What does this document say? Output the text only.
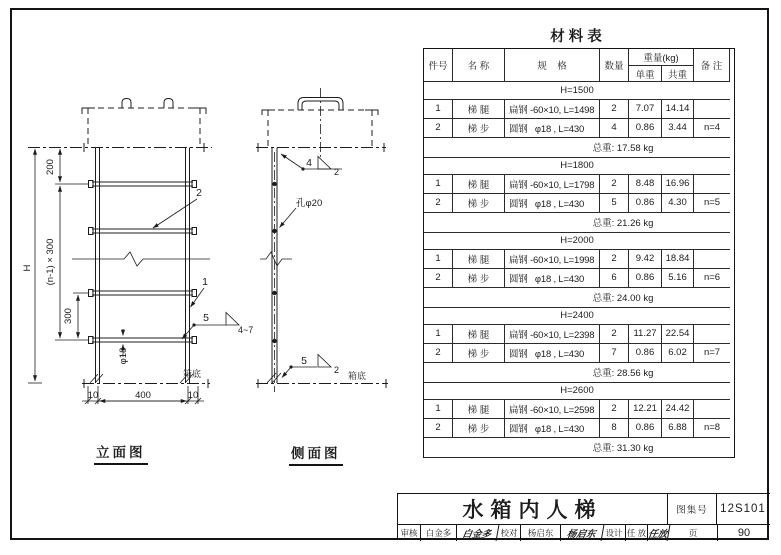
H
200
(n-1) × 300
300
φ18
10	400	10
箱底
2
1
5
4~7
4
2
孔φ20
5
2
箱底
立面图	侧面图
材料表
件号	名 称	规    格	数量
重量(kg)
备 注
单重	共重
H=1500
1	梯 腿	扁钢 -60×10, L=1498	2	7.07	14.14
2	梯 步	圆钢   φ18 , L=430	4	0.86	3.44	n=4
总重: 17.58 kg
H=1800
1	梯 腿	扁钢 -60×10, L=1798	2	8.48	16.96
2	梯 步	圆钢   φ18 , L=430	5	0.86	4.30	n=5
总重: 21.26 kg
H=2000
1	梯 腿	扁钢 -60×10, L=1998	2	9.42	18.84
2	梯 步	圆钢   φ18 , L=430	6	0.86	5.16	n=6
总重: 24.00 kg
H=2400
1	梯 腿	扁钢 -60×10, L=2398	2	11.27 22.54
2	梯 步	圆钢   φ18 , L=430	7	0.86	6.02	n=7
总重: 28.56 kg
H=2600
1	梯 腿	扁钢 -60×10, L=2598	2	12.21 24.42
2	梯 步	圆钢   φ18 , L=430	8	0.86	6.88	n=8
总重: 31.30 kg
水箱内人梯	图集号	12S101
审核 白金多	白金多	校对	杨启东	杨启东	设计 任 放 任放	页	90
